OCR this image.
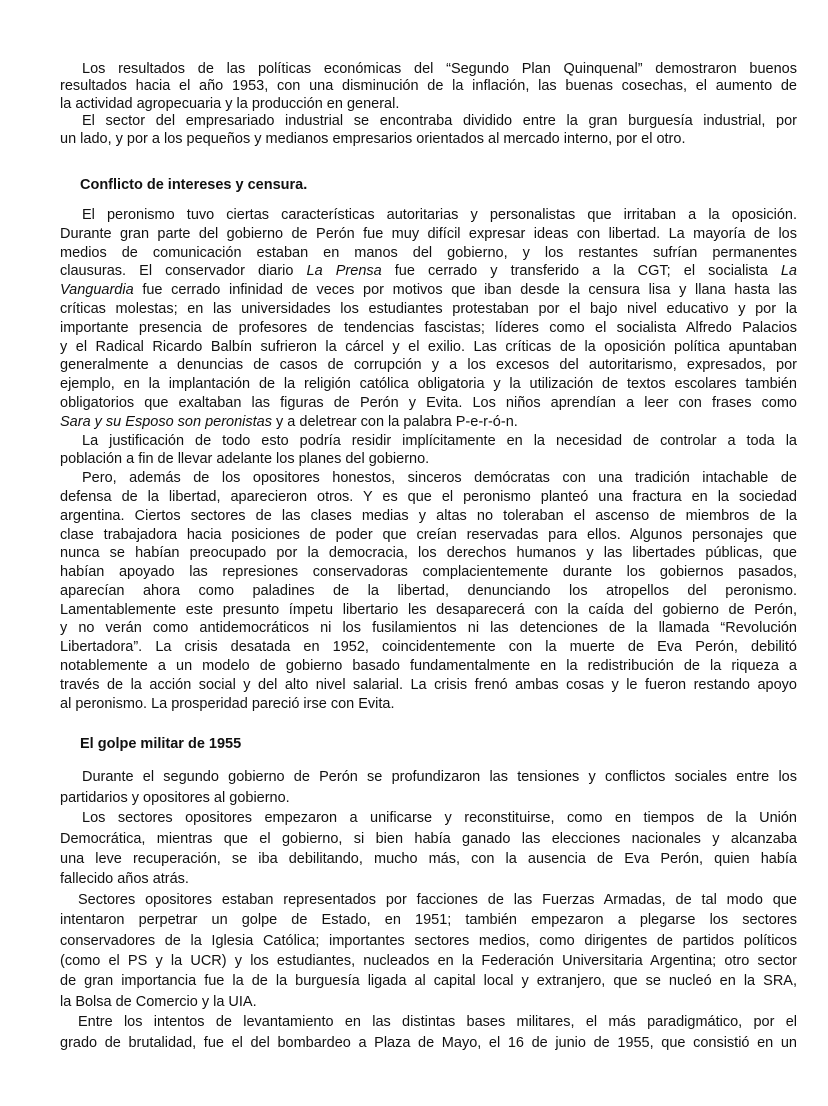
Los resultados de las políticas económicas del “Segundo Plan Quinquenal” demostraron buenos
resultados hacia el año 1953, con una disminución de la inflación, las buenas cosechas, el aumento de
la actividad agropecuaria y la producción en general.
El sector del empresariado industrial se encontraba dividido entre la gran burguesía industrial, por
un lado, y por a los pequeños y medianos empresarios orientados al mercado interno, por el otro.
Conflicto de intereses y censura.
El peronismo tuvo ciertas características autoritarias y personalistas que irritaban a la oposición.
Durante gran parte del gobierno de Perón fue muy difícil expresar ideas con libertad. La mayoría de los
medios de comunicación estaban en manos del gobierno, y los restantes sufrían permanentes
clausuras. El conservador diario La Prensa fue cerrado y transferido a la CGT; el socialista La
Vanguardia fue cerrado infinidad de veces por motivos que iban desde la censura lisa y llana hasta las
críticas molestas; en las universidades los estudiantes protestaban por el bajo nivel educativo y por la
importante presencia de profesores de tendencias fascistas; líderes como el socialista Alfredo Palacios
y el Radical Ricardo Balbín sufrieron la cárcel y el exilio. Las críticas de la oposición política apuntaban
generalmente a denuncias de casos de corrupción y a los excesos del autoritarismo, expresados, por
ejemplo, en la implantación de la religión católica obligatoria y la utilización de textos escolares también
obligatorios que exaltaban las figuras de Perón y Evita. Los niños aprendían a leer con frases como
Sara y su Esposo son peronistas y a deletrear con la palabra P-e-r-ó-n.
La justificación de todo esto podría residir implícitamente en la necesidad de controlar a toda la
población a fin de llevar adelante los planes del gobierno.
Pero, además de los opositores honestos, sinceros demócratas con una tradición intachable de
defensa de la libertad, aparecieron otros. Y es que el peronismo planteó una fractura en la sociedad
argentina. Ciertos sectores de las clases medias y altas no toleraban el ascenso de miembros de la
clase trabajadora hacia posiciones de poder que creían reservadas para ellos. Algunos personajes que
nunca se habían preocupado por la democracia, los derechos humanos y las libertades públicas, que
habían apoyado las represiones conservadoras complacientemente durante los gobiernos pasados,
aparecían ahora como paladines de la libertad, denunciando los atropellos del peronismo.
Lamentablemente este presunto ímpetu libertario les desaparecerá con la caída del gobierno de Perón,
y no verán como antidemocráticos ni los fusilamientos ni las detenciones de la llamada “Revolución
Libertadora”. La crisis desatada en 1952, coincidentemente con la muerte de Eva Perón, debilitó
notablemente a un modelo de gobierno basado fundamentalmente en la redistribución de la riqueza a
través de la acción social y del alto nivel salarial. La crisis frenó ambas cosas y le fueron restando apoyo
al peronismo. La prosperidad pareció irse con Evita.
El golpe militar de 1955
Durante el segundo gobierno de Perón se profundizaron las tensiones y conflictos sociales entre los
partidarios y opositores al gobierno.
Los sectores opositores empezaron a unificarse y reconstituirse, como en tiempos de la Unión
Democrática, mientras que el gobierno, si bien había ganado las elecciones nacionales y alcanzaba
una leve recuperación, se iba debilitando, mucho más, con la ausencia de Eva Perón, quien había
fallecido años atrás.
Sectores opositores estaban representados por facciones de las Fuerzas Armadas, de tal modo que
intentaron perpetrar un golpe de Estado, en 1951; también empezaron a plegarse los sectores
conservadores de la Iglesia Católica; importantes sectores medios, como dirigentes de partidos políticos
(como el PS y la UCR) y los estudiantes, nucleados en la Federación Universitaria Argentina; otro sector
de gran importancia fue la de la burguesía ligada al capital local y extranjero, que se nucleó en la SRA,
la Bolsa de Comercio y la UIA.
Entre los intentos de levantamiento en las distintas bases militares, el más paradigmático, por el
grado de brutalidad, fue el del bombardeo a Plaza de Mayo, el 16 de junio de 1955, que consistió en un
